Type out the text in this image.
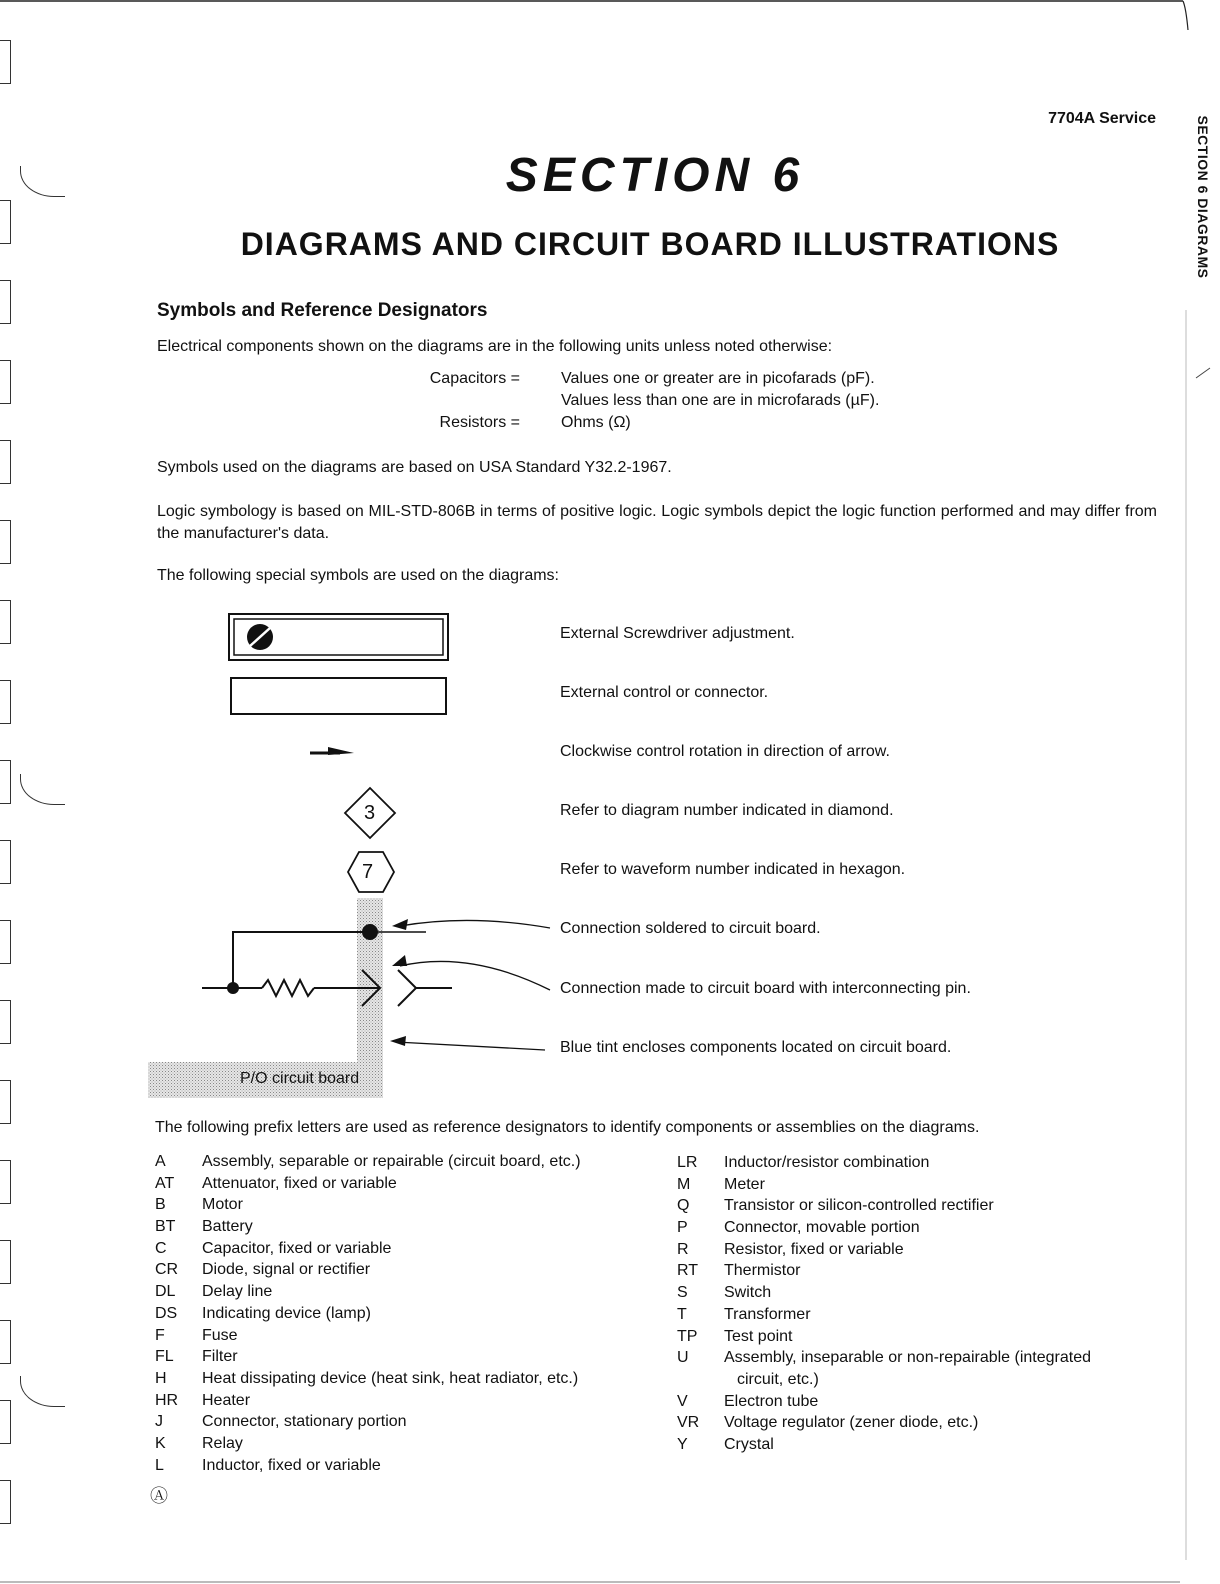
7704A Service	SECTION 6 DIAGRAMS
SECTION 6
DIAGRAMS AND CIRCUIT BOARD ILLUSTRATIONS
Symbols and Reference Designators
Electrical components shown on the diagrams are in the following units unless noted otherwise:
Capacitors =	Values one or greater are in picofarads (pF).
Values less than one are in microfarads (µF).
Resistors =	Ohms (Ω)
Symbols used on the diagrams are based on USA Standard Y32.2-1967.
Logic symbology is based on MIL-STD-806B in terms of positive logic. Logic symbols depict the logic function performed and may differ from the manufacturer's data.
The following special symbols are used on the diagrams:
3
7
P/O circuit board
External Screwdriver adjustment.
External control or connector.
Clockwise control rotation in direction of arrow.
Refer to diagram number indicated in diamond.
Refer to waveform number indicated in hexagon.
Connection soldered to circuit board.
Connection made to circuit board with interconnecting pin.
Blue tint encloses components located on circuit board.
The following prefix letters are used as reference designators to identify components or assemblies on the diagrams.
A Assembly, separable or repairable (circuit board, etc.)
AT Attenuator, fixed or variable
B Motor
BT Battery
C Capacitor, fixed or variable
CR Diode, signal or rectifier
DL Delay line
DS Indicating device (lamp)
F Fuse
FL Filter
H Heat dissipating device (heat sink, heat radiator, etc.)
HR Heater
J Connector, stationary portion
K Relay
L Inductor, fixed or variable
LR Inductor/resistor combination
M Meter
Q Transistor or silicon-controlled rectifier
P Connector, movable portion
R Resistor, fixed or variable
RT Thermistor
S Switch
T Transformer
TP Test point
U Assembly, inseparable or non-repairable (integrated
circuit, etc.)
V Electron tube
VR Voltage regulator (zener diode, etc.)
Y Crystal
Ⓐ
